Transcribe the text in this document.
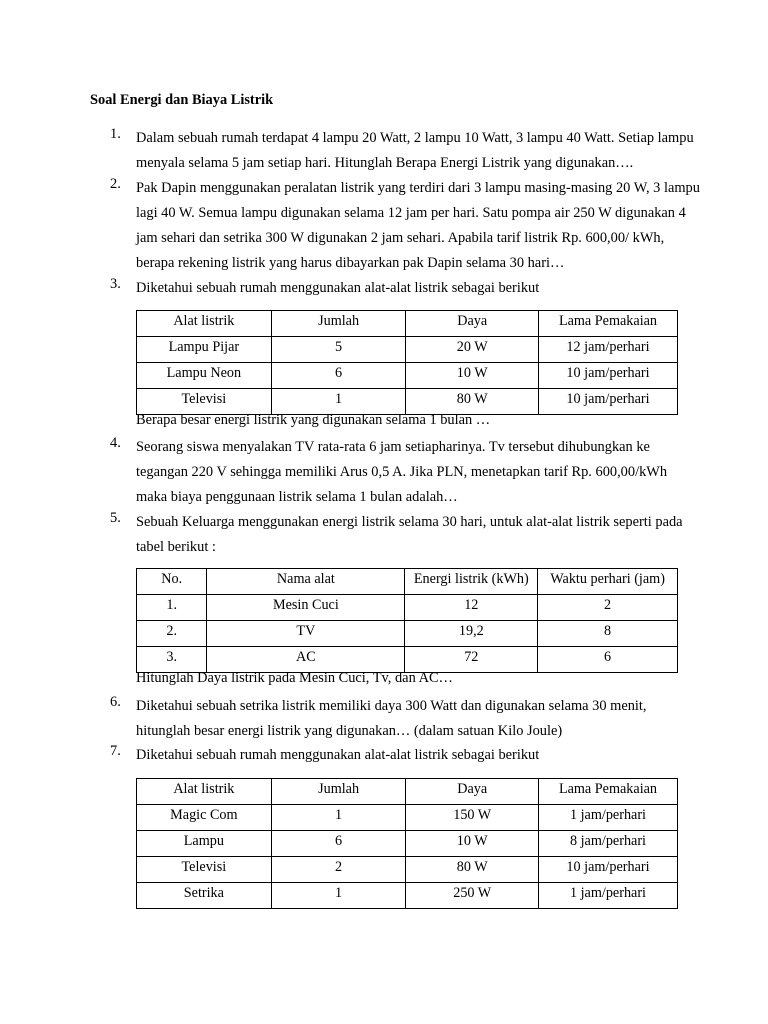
Soal Energi dan Biaya Listrik
1.	Dalam sebuah rumah terdapat 4 lampu 20 Watt, 2 lampu 10 Watt, 3 lampu 40 Watt. Setiap lampu
menyala selama 5 jam setiap hari. Hitunglah Berapa Energi Listrik yang digunakan….
2.	Pak Dapin menggunakan peralatan listrik yang terdiri dari 3 lampu masing-masing 20 W, 3 lampu
lagi 40 W. Semua lampu digunakan selama 12 jam per hari. Satu pompa air 250 W digunakan 4
jam sehari dan setrika 300 W digunakan 2 jam sehari. Apabila tarif listrik Rp. 600,00/ kWh,
berapa rekening listrik yang harus dibayarkan pak Dapin selama 30 hari…
3.	Diketahui sebuah rumah menggunakan alat-alat listrik sebagai berikut
Alat listrik	Jumlah	Daya	Lama Pemakaian
Lampu Pijar	5	20 W	12 jam/perhari
Lampu Neon	6	10 W	10 jam/perhari
Televisi	1	80 W	10 jam/perhari
Berapa besar energi listrik yang digunakan selama 1 bulan …
4.	Seorang siswa menyalakan TV rata-rata 6 jam setiapharinya. Tv tersebut dihubungkan ke
tegangan 220 V sehingga memiliki Arus 0,5 A. Jika PLN, menetapkan tarif Rp. 600,00/kWh
maka biaya penggunaan listrik selama 1 bulan adalah…
5.	Sebuah Keluarga menggunakan energi listrik selama 30 hari, untuk alat-alat listrik seperti pada
tabel berikut :
No.	Nama alat	Energi listrik (kWh)	Waktu perhari (jam)
1.	Mesin Cuci	12	2
2.	TV	19,2	8
3.	AC	72	6
Hitunglah Daya listrik pada Mesin Cuci, Tv, dan AC…
6.	Diketahui sebuah setrika listrik memiliki daya 300 Watt dan digunakan selama 30 menit,
hitunglah besar energi listrik yang digunakan… (dalam satuan Kilo Joule)
7.	Diketahui sebuah rumah menggunakan alat-alat listrik sebagai berikut
Alat listrik	Jumlah	Daya	Lama Pemakaian
Magic Com	1	150 W	1 jam/perhari
Lampu	6	10 W	8 jam/perhari
Televisi	2	80 W	10 jam/perhari
Setrika	1	250 W	1 jam/perhari
